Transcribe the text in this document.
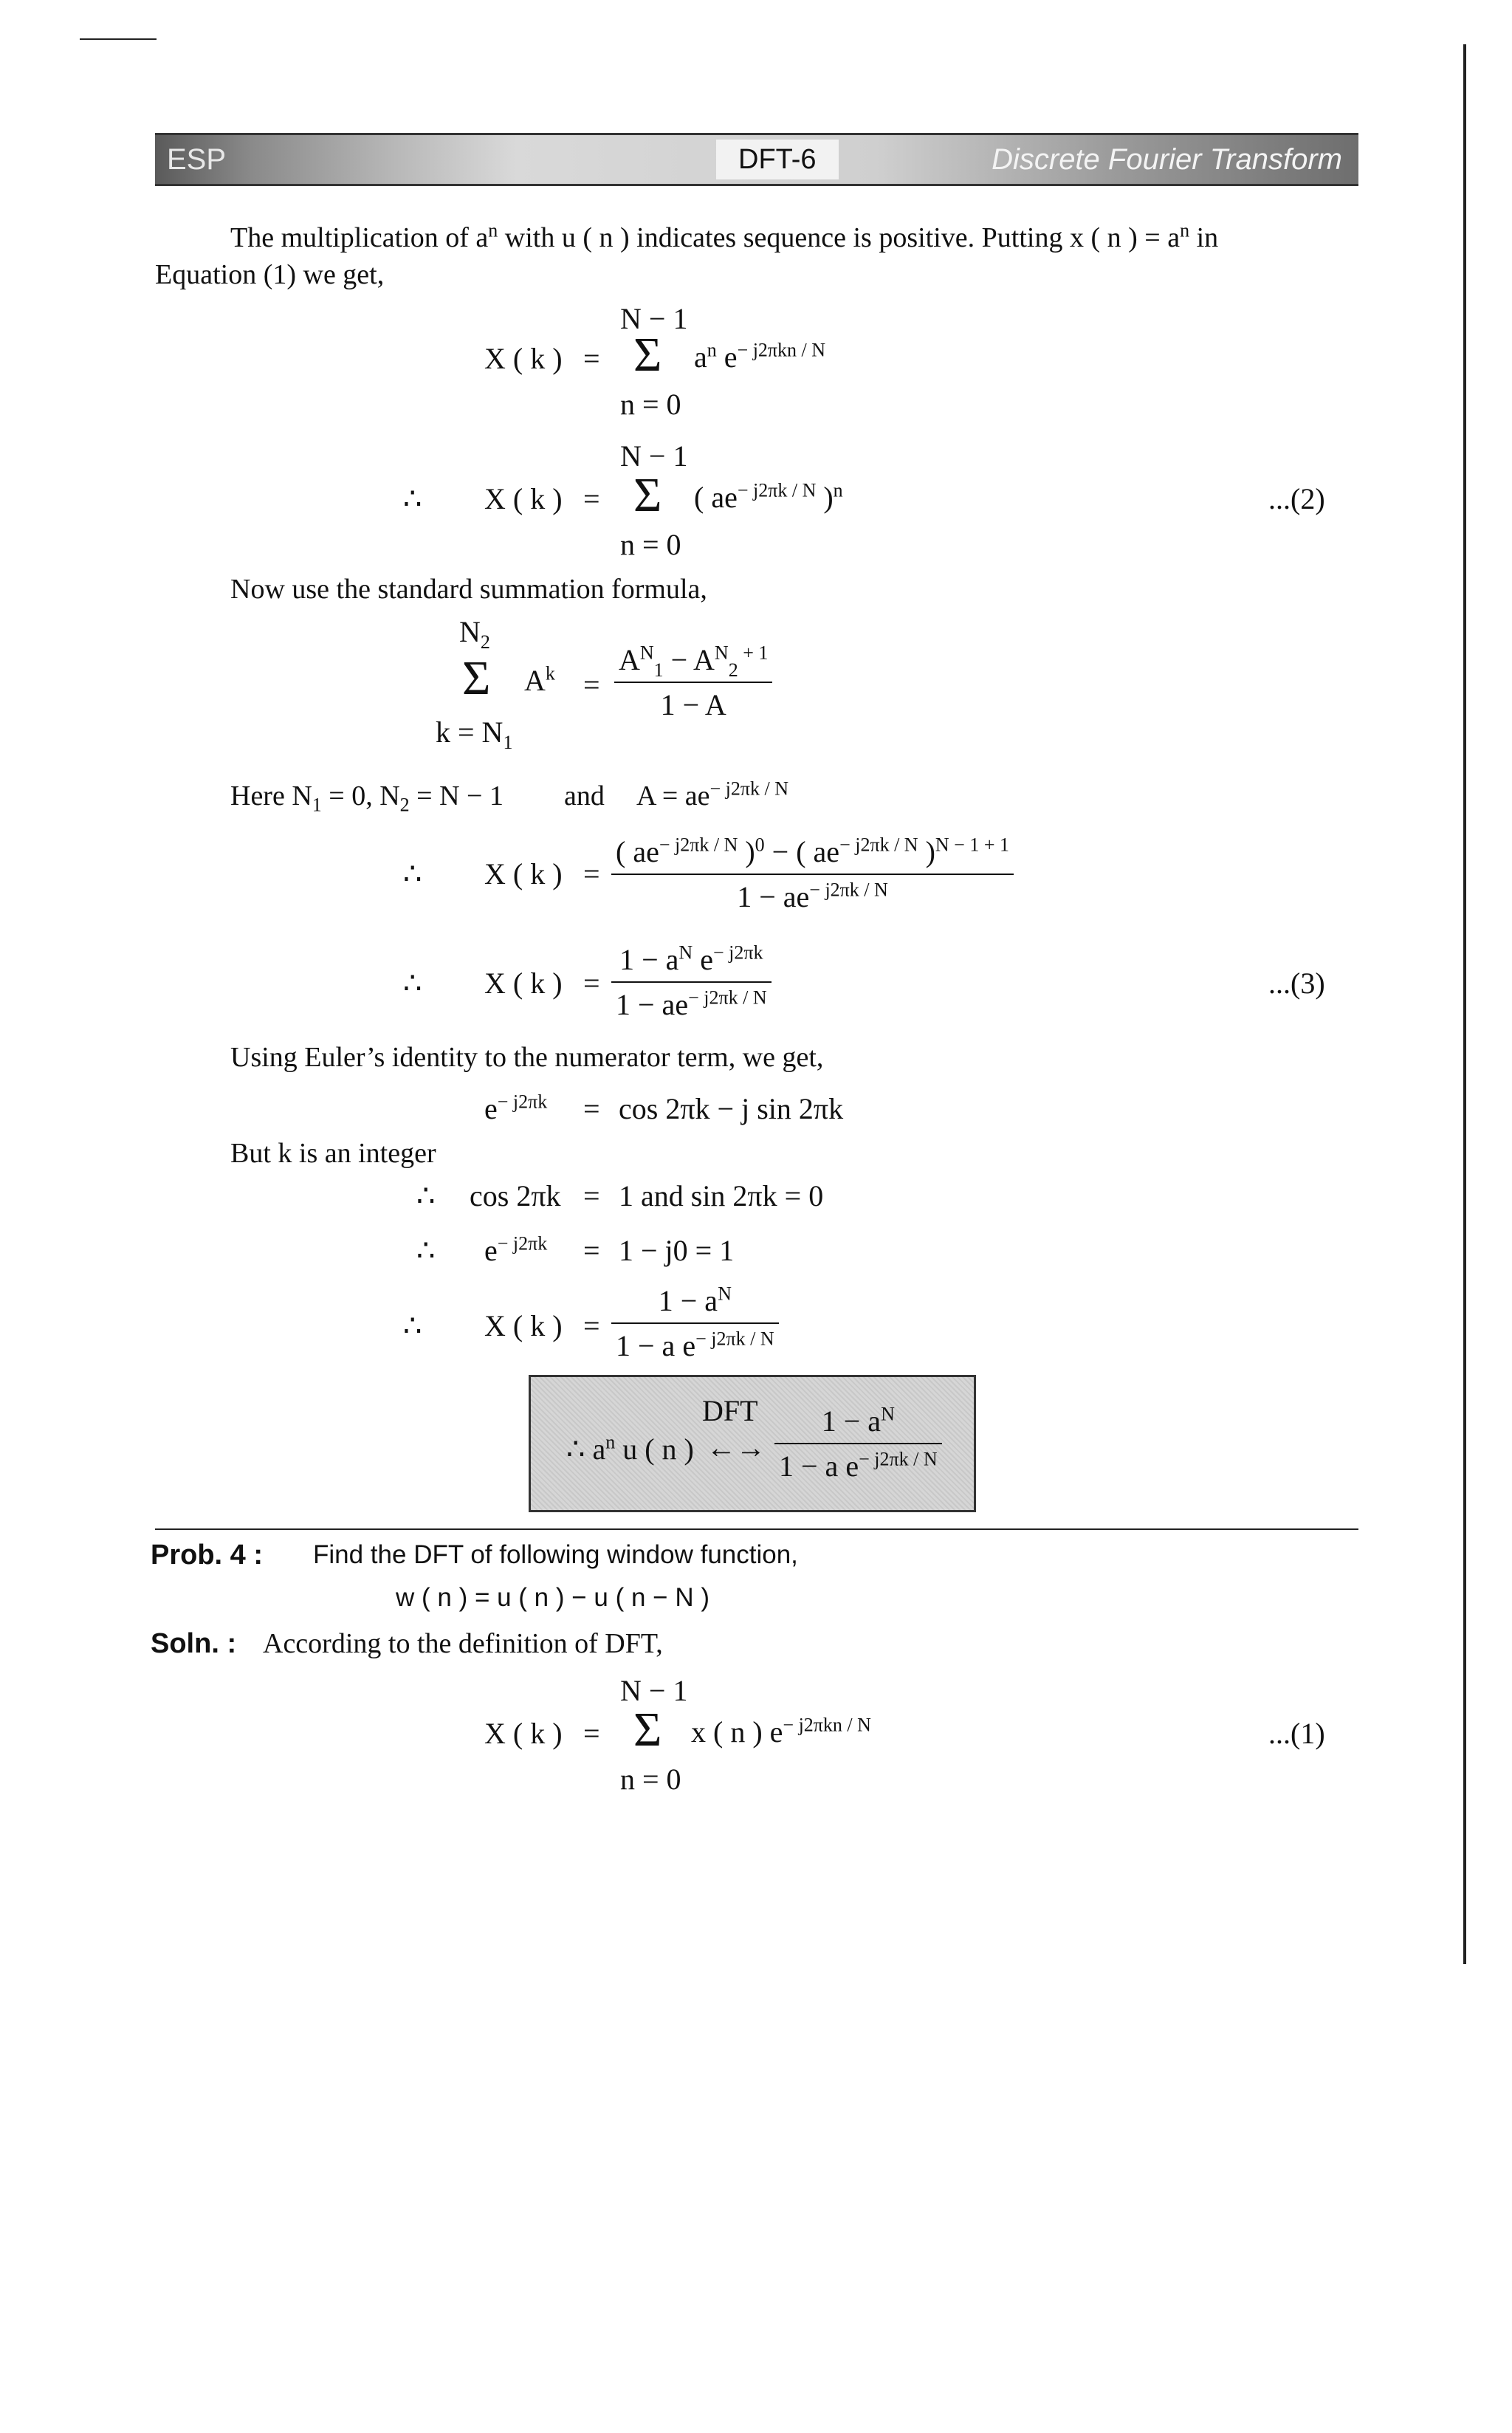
ESP	DFT-6	Discrete Fourier Transform
The multiplication of $a^n$ with u ( n ) indicates sequence is positive. Putting x ( n ) = $a^n$ in
Equation (1) we get,
N − 1
X ( k ) = Σ $a^n$ $e^{- j2\pi kn / N}$
n = 0
N − 1
∴ X ( k ) = Σ ( $ae^{- j2\pi k / N}$ )$^n$	...(2)
n = 0
Now use the standard summation formula,
$N_2$
Σ $A^k = \frac{A^N_1 - A^N_2 ^{+ 1}}{1 - A}$
$k = N_1$
Here $N_1 = 0$, $N_2 = N - 1$ and $A = ae^{- j2\pi k / N}$
∴ X ( k ) = $\frac{( ae^{- j2\pi k / N} )^0 - ( ae^{- j2\pi k / N} )^{N - 1 + 1}}{1 - ae^{- j2\pi k / N}}$
∴ X ( k ) = $\frac{1 - a^N e^{- j2\pi k}}{1 - ae^{- j2\pi k / N}}$	...(3)
Using Euler’s identity to the numerator term, we get,
$e^{- j2\pi k} = \cos 2\pi k - j$ sin 2πk
But k is an integer
∴ cos 2πk = 1 and sin 2πk = 0
∴ $e^{- j2\pi k} = 1 - j0 = 1$
∴ X ( k ) = $\frac{1 - a^N}{1 - a e^{- j2\pi k / N}}$
DFT
∴ $a^n$ u ( n ) ←→ $\frac{1 - a^N}{1 - a e^{- j2\pi k / N}}$
Prob. 4 : Find the DFT of following window function,
w ( n ) = u ( n ) − u ( n − N )
Soln. : According to the definition of DFT,
N − 1
X ( k ) = Σ x ( n ) $e^{- j2\pi kn / N}$	...(1)
n = 0
